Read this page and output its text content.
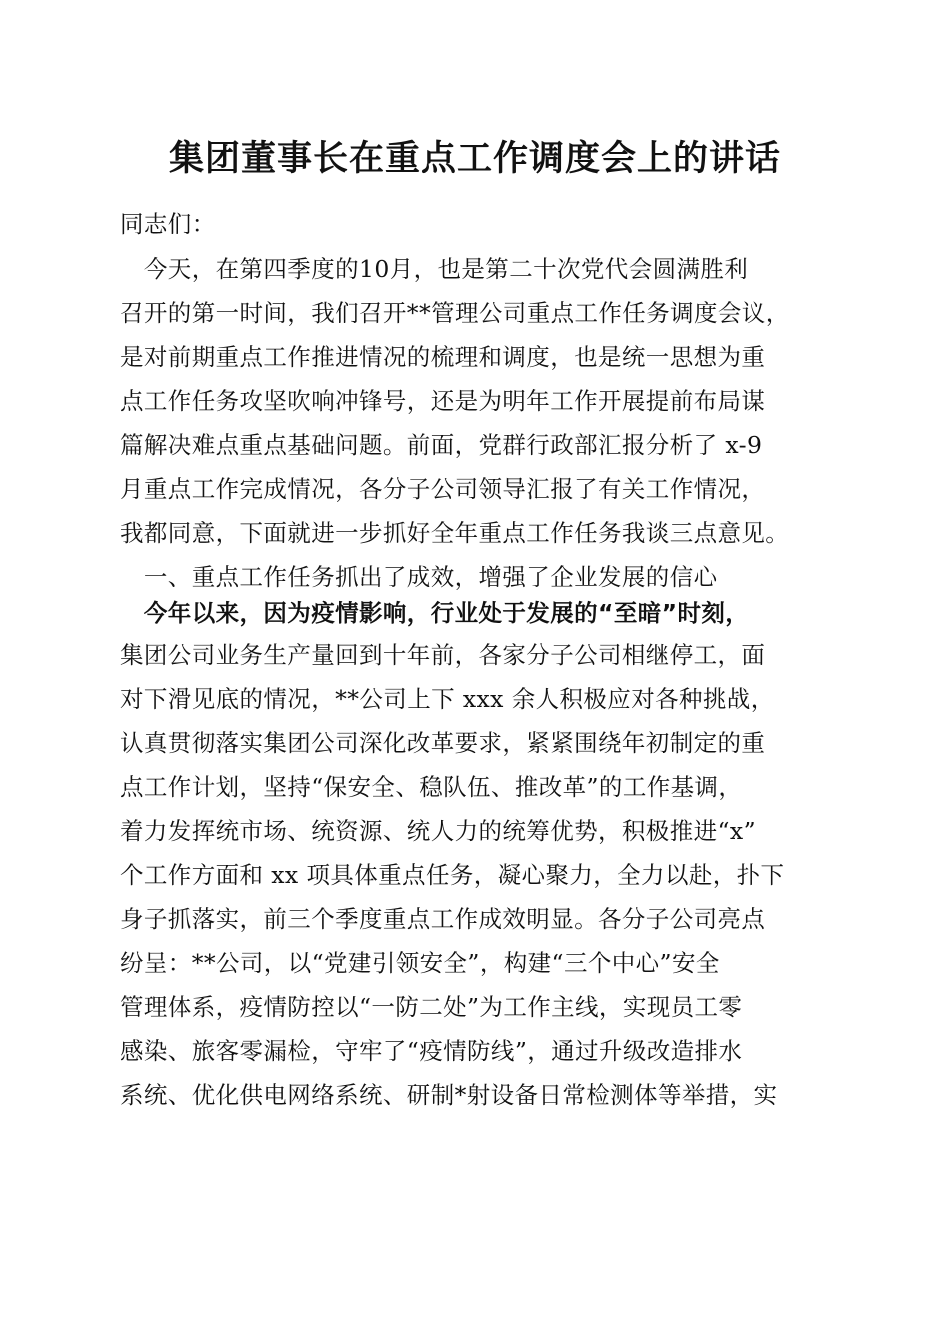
集团董事长在重点工作调度会上的讲话
同志们：
　今天，在第四季度的10月，也是第二十次党代会圆满胜利
召开的第一时间，我们召开**管理公司重点工作任务调度会议，
是对前期重点工作推进情况的梳理和调度，也是统一思想为重
点工作任务攻坚吹响冲锋号，还是为明年工作开展提前布局谋
篇解决难点重点基础问题。前面，党群行政部汇报分析了 x-9
月重点工作完成情况，各分子公司领导汇报了有关工作情况，
我都同意，下面就进一步抓好全年重点工作任务我谈三点意见。
　一、重点工作任务抓出了成效，增强了企业发展的信心
　今年以来，因为疫情影响，行业处于发展的“至暗”时刻，
集团公司业务生产量回到十年前，各家分子公司相继停工，面
对下滑见底的情况，**公司上下 xxx 余人积极应对各种挑战，
认真贯彻落实集团公司深化改革要求，紧紧围绕年初制定的重
点工作计划，坚持“保安全、稳队伍、推改革”的工作基调，
着力发挥统市场、统资源、统人力的统筹优势，积极推进“x”
个工作方面和 xx 项具体重点任务，凝心聚力，全力以赴，扑下
身子抓落实，前三个季度重点工作成效明显。各分子公司亮点
纷呈：**公司，以“党建引领安全”，构建“三个中心”安全
管理体系，疫情防控以“一防二处”为工作主线，实现员工零
感染、旅客零漏检，守牢了“疫情防线”，通过升级改造排水
系统、优化供电网络系统、研制*射设备日常检测体等举措，实
